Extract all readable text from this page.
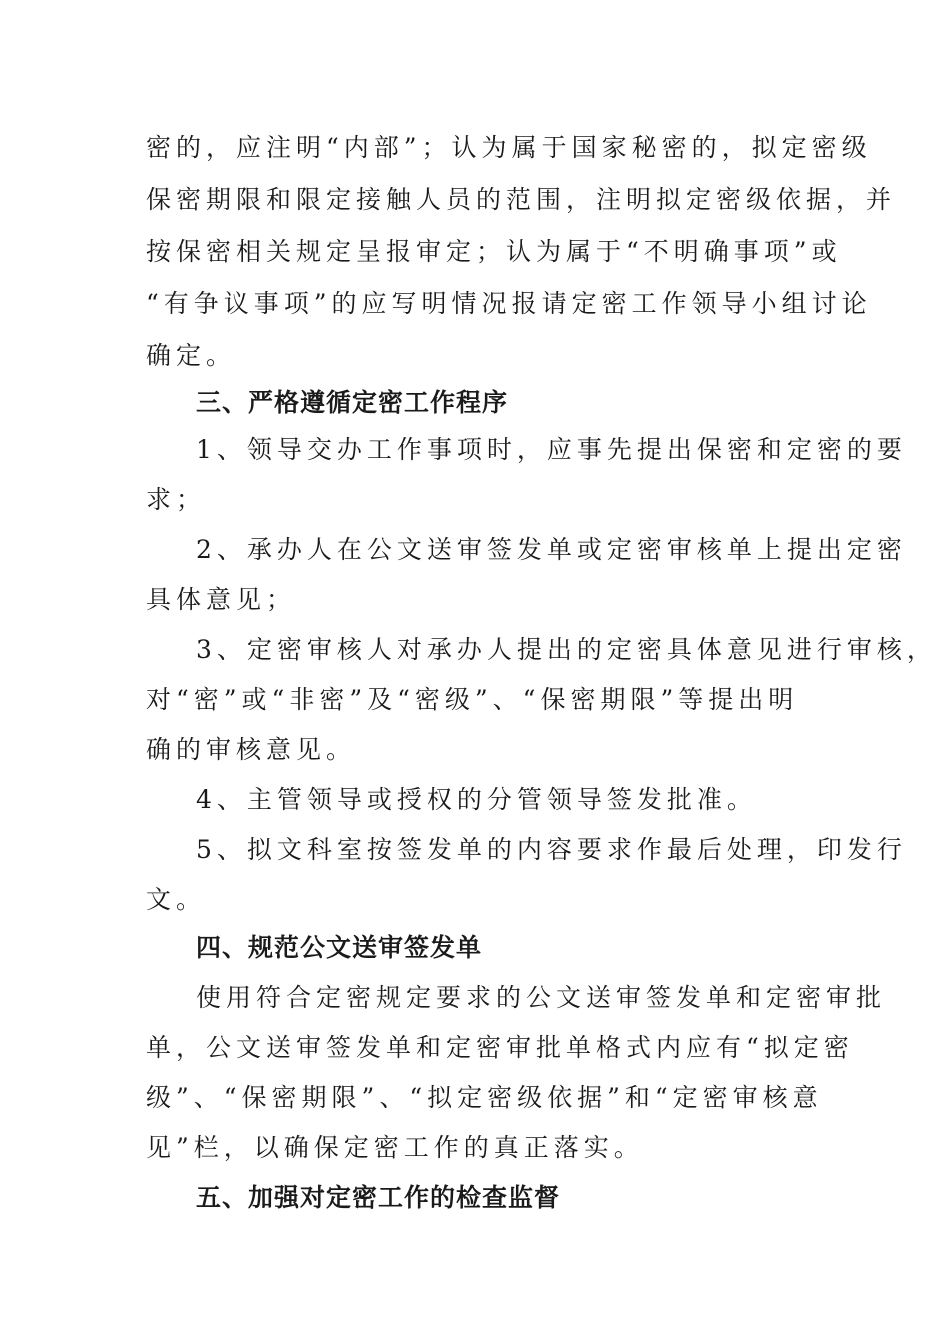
密的，应注明“内部”；认为属于国家秘密的，拟定密级
保密期限和限定接触人员的范围，注明拟定密级依据，并
按保密相关规定呈报审定；认为属于“不明确事项”或
“有争议事项”的应写明情况报请定密工作领导小组讨论
确定。
三、严格遵循定密工作程序
1、领导交办工作事项时，应事先提出保密和定密的要
求；
2、承办人在公文送审签发单或定密审核单上提出定密
具体意见；
3、定密审核人对承办人提出的定密具体意见进行审核，
对“密”或“非密”及“密级”、“保密期限”等提出明
确的审核意见。
4、主管领导或授权的分管领导签发批准。
5、拟文科室按签发单的内容要求作最后处理，印发行
文。
四、规范公文送审签发单
使用符合定密规定要求的公文送审签发单和定密审批
单，公文送审签发单和定密审批单格式内应有“拟定密
级”、“保密期限”、“拟定密级依据”和“定密审核意
见”栏，以确保定密工作的真正落实。
五、加强对定密工作的检查监督
